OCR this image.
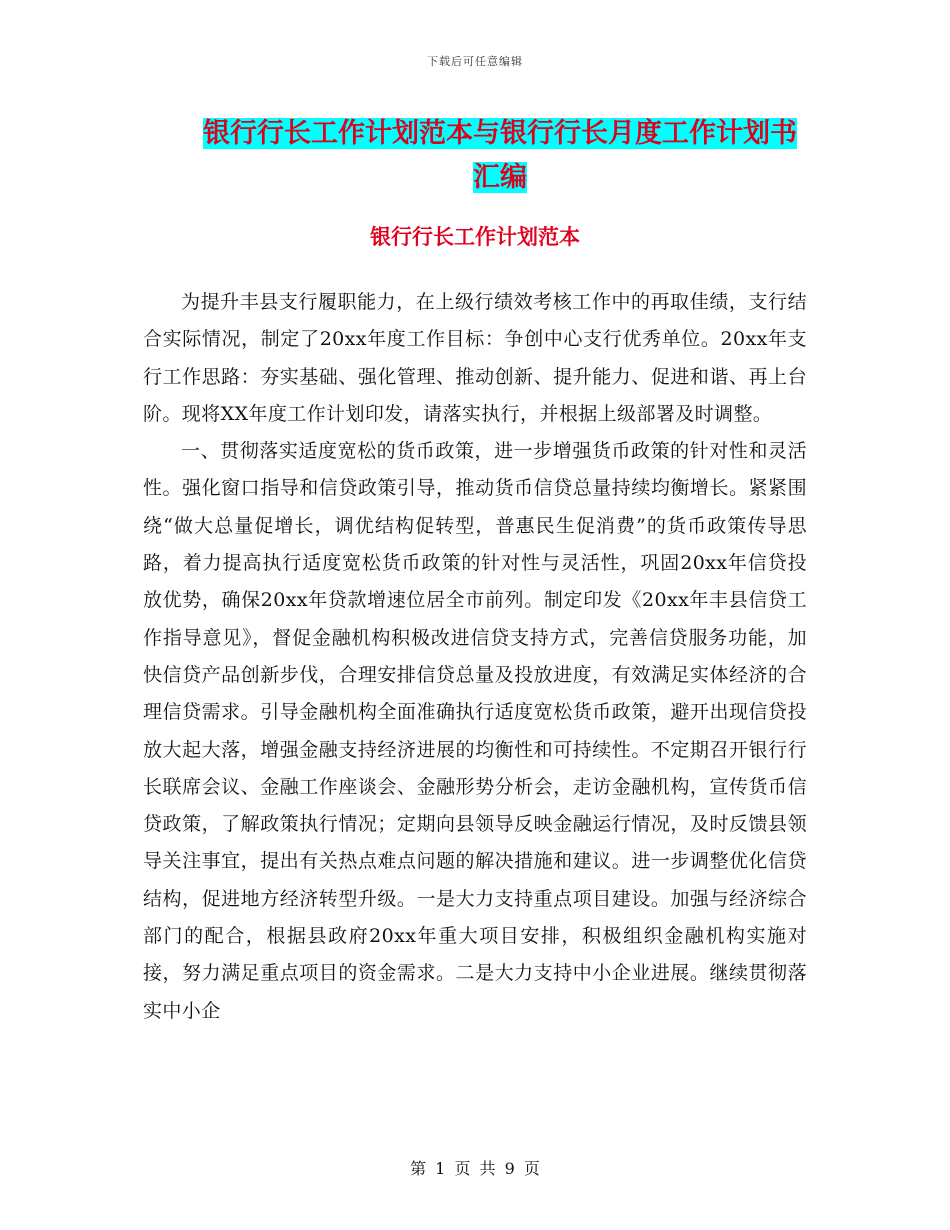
下载后可任意编辑
银行行长工作计划范本与银行行长月度工作计划书汇编
银行行长工作计划范本

为提升丰县支行履职能力，在上级行绩效考核工作中的再取佳绩，支行结合实际情况，制定了20xx年度工作目标：争创中心支行优秀单位。20xx年支行工作思路：夯实基础、强化管理、推动创新、提升能力、促进和谐、再上台阶。现将XX年度工作计划印发，请落实执行，并根据上级部署及时调整。

一、贯彻落实适度宽松的货币政策，进一步增强货币政策的针对性和灵活性。强化窗口指导和信贷政策引导，推动货币信贷总量持续均衡增长。紧紧围绕“做大总量促增长，调优结构促转型，普惠民生促消费”的货币政策传导思路，着力提高执行适度宽松货币政策的针对性与灵活性，巩固20xx年信贷投放优势，确保20xx年贷款增速位居全市前列。制定印发《20xx年丰县信贷工作指导意见》，督促金融机构积极改进信贷支持方式，完善信贷服务功能，加快信贷产品创新步伐，合理安排信贷总量及投放进度，有效满足实体经济的合理信贷需求。引导金融机构全面准确执行适度宽松货币政策，避开出现信贷投放大起大落，增强金融支持经济进展的均衡性和可持续性。不定期召开银行行长联席会议、金融工作座谈会、金融形势分析会，走访金融机构，宣传货币信贷政策，了解政策执行情况；定期向县领导反映金融运行情况，及时反馈县领导关注事宜，提出有关热点难点问题的解决措施和建议。进一步调整优化信贷结构，促进地方经济转型升级。一是大力支持重点项目建设。加强与经济综合部门的配合，根据县政府20xx年重大项目安排，积极组织金融机构实施对接，努力满足重点项目的资金需求。二是大力支持中小企业进展。继续贯彻落实中小企

第 1 页 共 9 页
